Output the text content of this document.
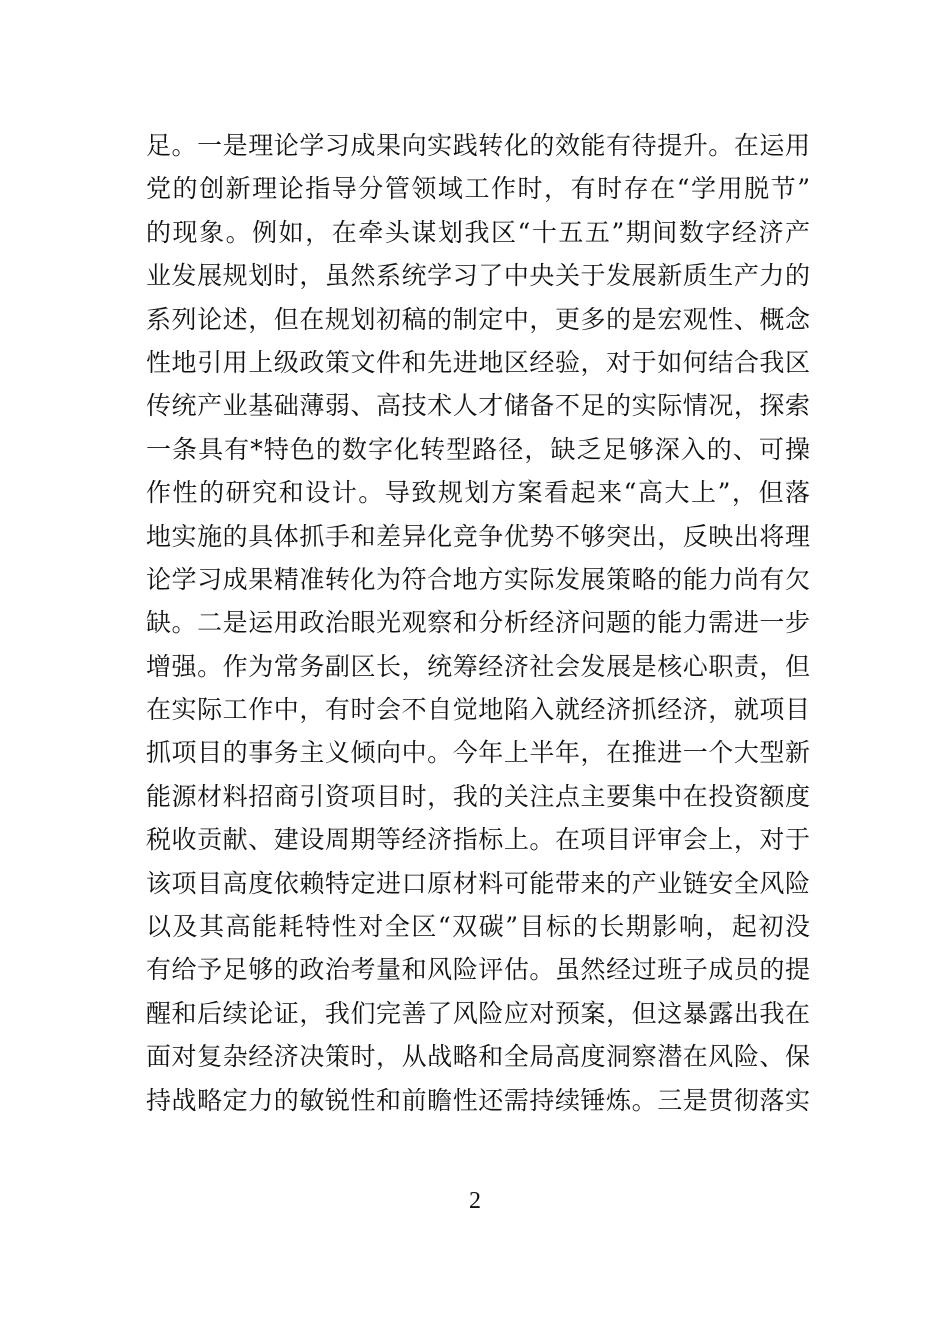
足。一是理论学习成果向实践转化的效能有待提升。在运用
党的创新理论指导分管领域工作时，有时存在“学用脱节”
的现象。例如，在牵头谋划我区“十五五”期间数字经济产
业发展规划时，虽然系统学习了中央关于发展新质生产力的
系列论述，但在规划初稿的制定中，更多的是宏观性、概念
性地引用上级政策文件和先进地区经验，对于如何结合我区
传统产业基础薄弱、高技术人才储备不足的实际情况，探索
一条具有*特色的数字化转型路径，缺乏足够深入的、可操
作性的研究和设计。导致规划方案看起来“高大上”，但落
地实施的具体抓手和差异化竞争优势不够突出，反映出将理
论学习成果精准转化为符合地方实际发展策略的能力尚有欠
缺。二是运用政治眼光观察和分析经济问题的能力需进一步
增强。作为常务副区长，统筹经济社会发展是核心职责，但
在实际工作中，有时会不自觉地陷入就经济抓经济，就项目
抓项目的事务主义倾向中。今年上半年，在推进一个大型新
能源材料招商引资项目时，我的关注点主要集中在投资额度
税收贡献、建设周期等经济指标上。在项目评审会上，对于
该项目高度依赖特定进口原材料可能带来的产业链安全风险
以及其高能耗特性对全区“双碳”目标的长期影响，起初没
有给予足够的政治考量和风险评估。虽然经过班子成员的提
醒和后续论证，我们完善了风险应对预案，但这暴露出我在
面对复杂经济决策时，从战略和全局高度洞察潜在风险、保
持战略定力的敏锐性和前瞻性还需持续锤炼。三是贯彻落实
2
